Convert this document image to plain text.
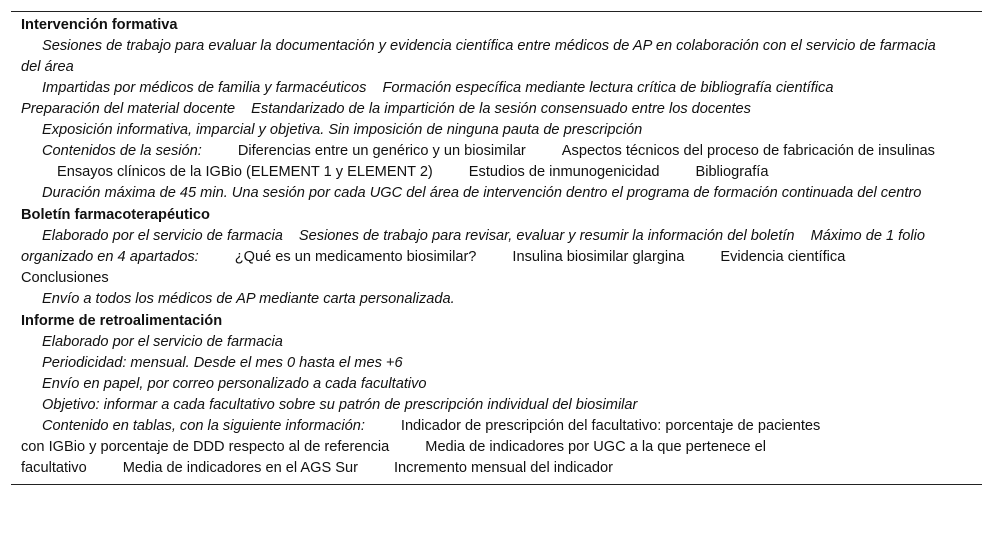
Intervención formativa

Sesiones de trabajo para evaluar la documentación y evidencia científica entre médicos de AP en colaboración con el servicio de farmacia del área

Impartidas por médicos de familia y farmacéuticos Formación específica mediante lectura crítica de bibliografía científicaPreparación del material docente Estandarizado de la impartición de la sesión consensuado entre los docentes

Exposición informativa, imparcial y objetiva. Sin imposición de ninguna pauta de prescripción

Contenidos de la sesión: Diferencias entre un genérico y un biosimilar Aspectos técnicos del proceso de fabricación de insulinasEnsayos clínicos de la IGBio (ELEMENT 1 y ELEMENT 2) Estudios de inmunogenicidad Bibliografía

Duración máxima de 45 min. Una sesión por cada UGC del área de intervención dentro el programa de formación continuada del centro

Boletín farmacoterapéutico

Elaborado por el servicio de farmacia Sesiones de trabajo para revisar, evaluar y resumir la información del boletín Máximo de 1 folio organizado en 4 apartados: ¿Qué es un medicamento biosimilar? Insulina biosimilar glargina Evidencia científicaConclusiones

Envío a todos los médicos de AP mediante carta personalizada.

Informe de retroalimentación

Elaborado por el servicio de farmacia

Periodicidad: mensual. Desde el mes 0 hasta el mes +6

Envío en papel, por correo personalizado a cada facultativo

Objetivo: informar a cada facultativo sobre su patrón de prescripción individual del biosimilar

Contenido en tablas, con la siguiente información: Indicador de prescripción del facultativo: porcentaje de pacientes con IGBio y porcentaje de DDD respecto al de referencia Media de indicadores por UGC a la que pertenece el facultativo Media de indicadores en el AGS Sur Incremento mensual del indicador
